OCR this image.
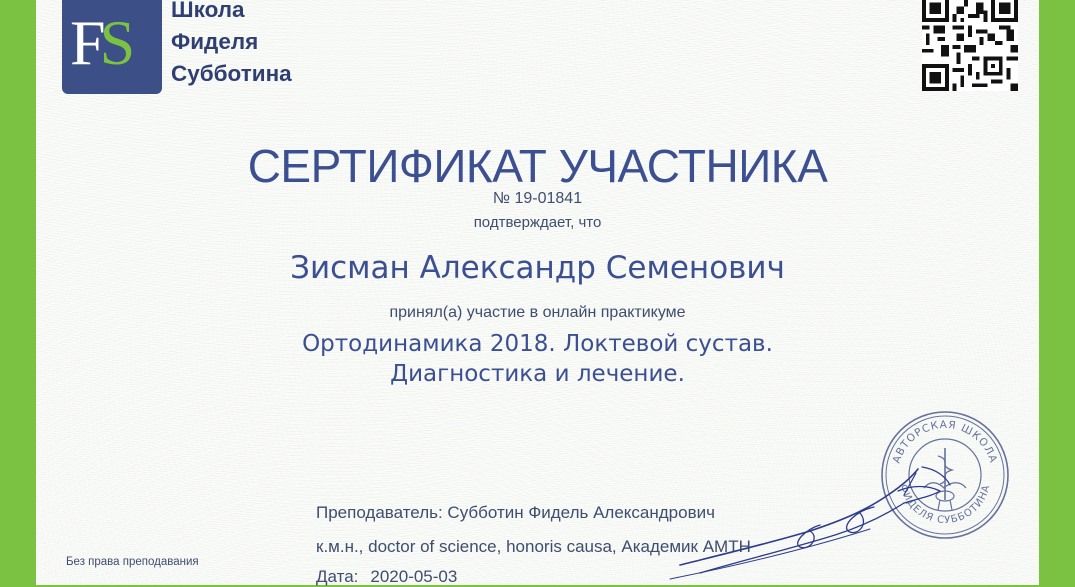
FS	Школа
Фиделя
Субботина
СЕРТИФИКАТ УЧАСТНИКА
№ 19-01841
подтверждает, что
Зисман Александр Семенович
принял(а) участие в онлайн практикуме
Ортодинамика 2018. Локтевой сустав.
Диагностика и лечение.
АВТОРСКАЯ ШКОЛА
ФИДЕЛЯ СУББОТИНА
Преподаватель: Субботин Фидель Александрович
к.м.н., doctor of science, honoris causa, Академик АМТН
Дата: 2020-05-03
Без права преподавания
